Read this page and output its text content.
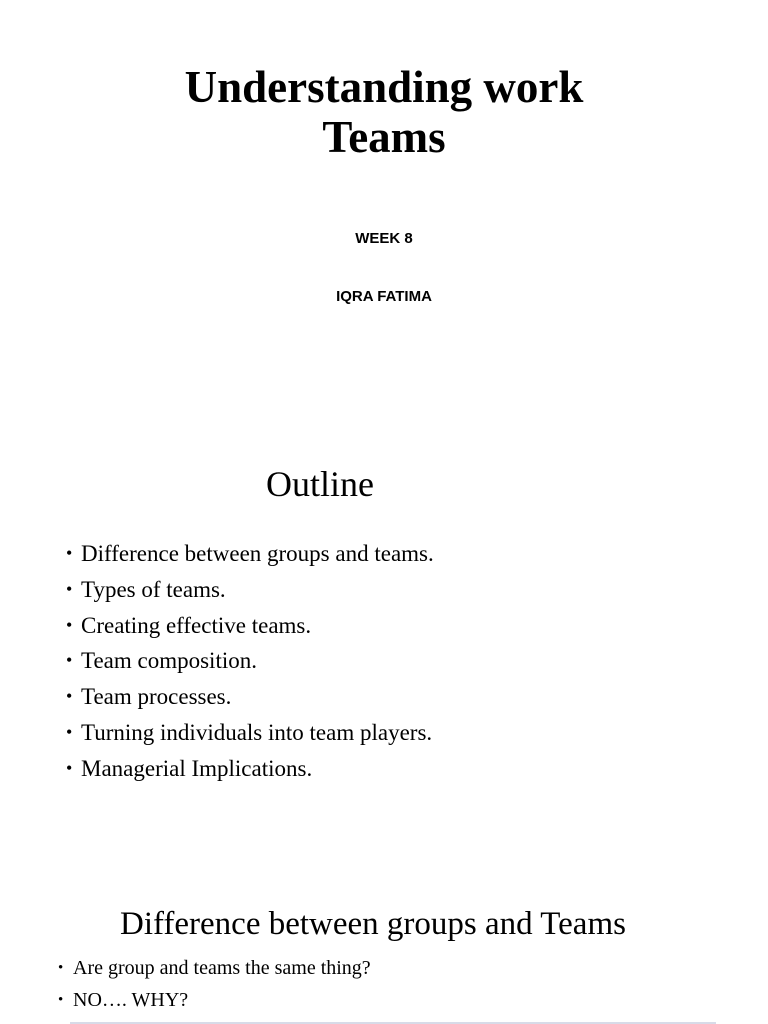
Understanding work
Teams
WEEK 8
IQRA FATIMA
Outline
• Difference between groups and teams.
• Types of teams.
• Creating effective teams.
• Team composition.
• Team processes.
• Turning individuals into team players.
• Managerial Implications.
Difference between groups and Teams
• Are group and teams the same thing?
• NO…. WHY?
